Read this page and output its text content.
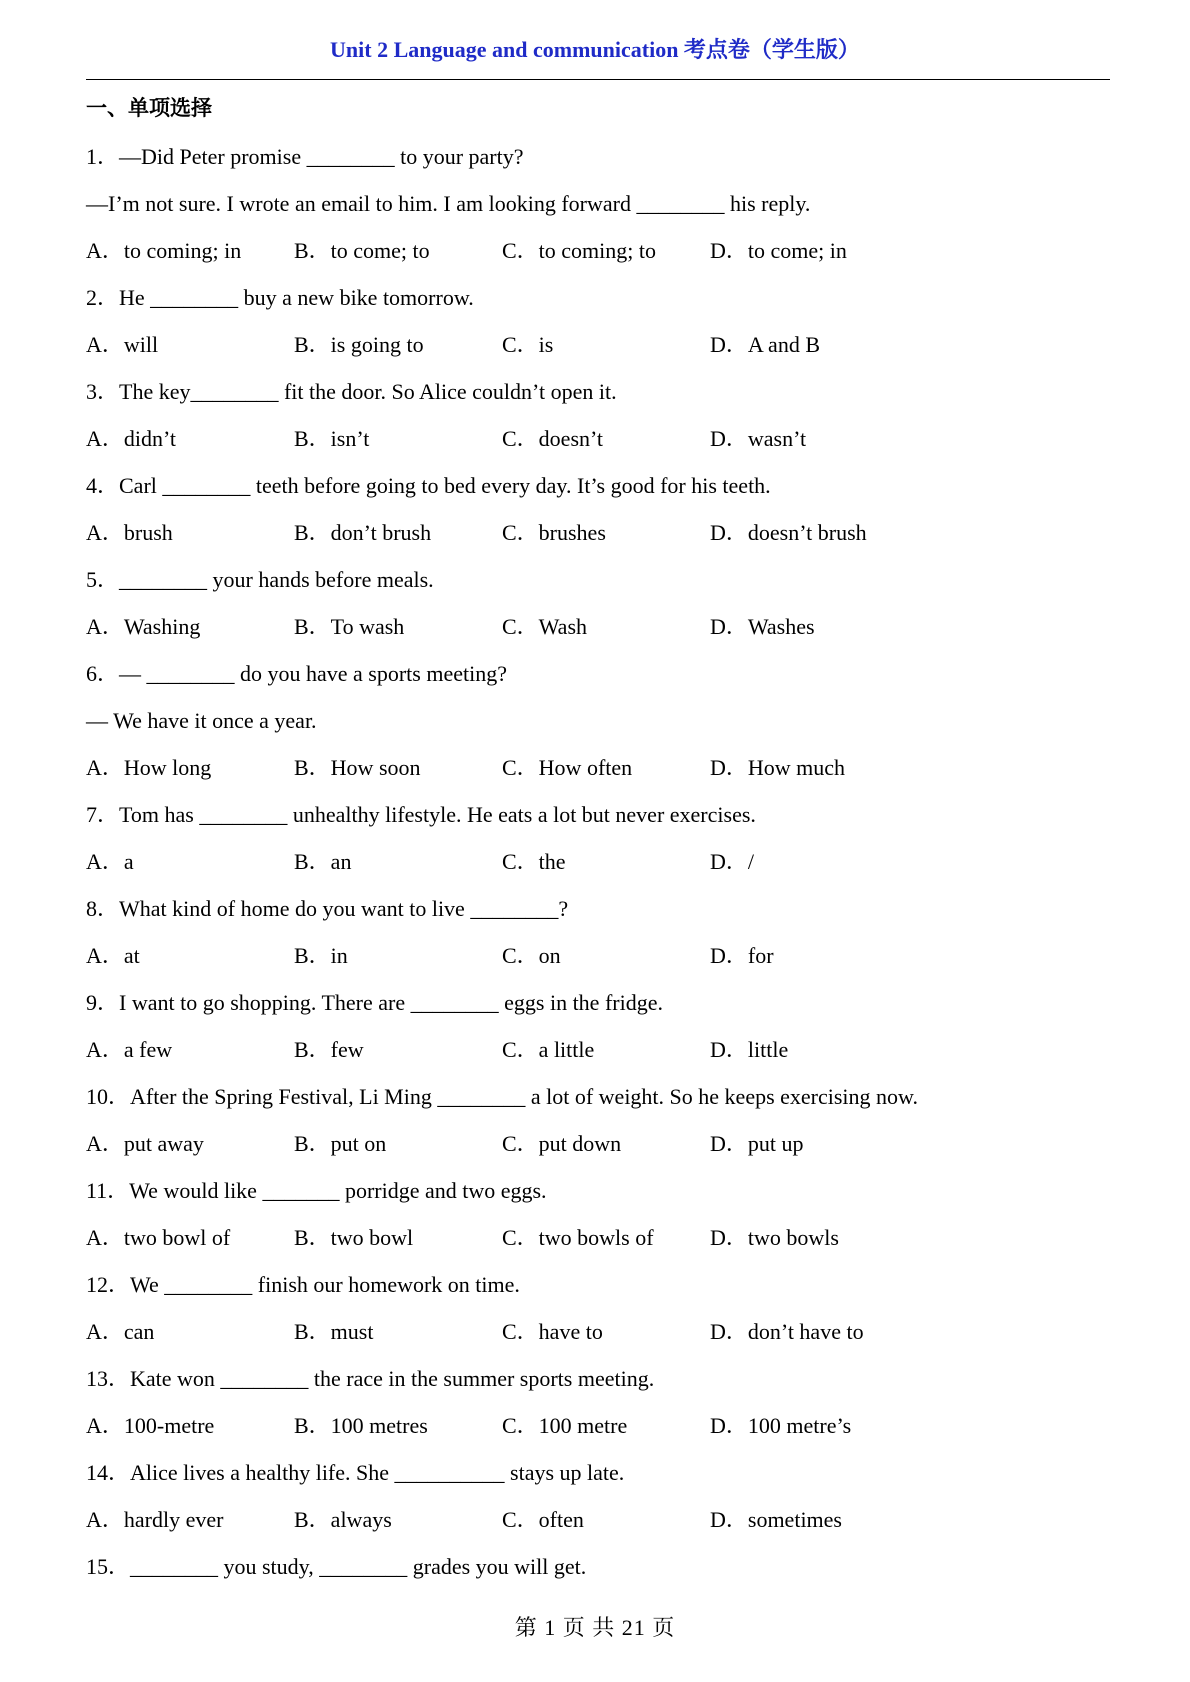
Unit 2 Language and communication 考点卷（学生版）
一、单项选择
1．—Did Peter promise ________ to your party?
—I’m not sure. I wrote an email to him. I am looking forward ________ his reply.
A．to coming; in	B．to come; to	C．to coming; to	D．to come; in
2．He ________ buy a new bike tomorrow.
A．will	B．is going to	C．is	D．A and B
3．The key________ fit the door. So Alice couldn’t open it.
A．didn’t	B．isn’t	C．doesn’t	D．wasn’t
4．Carl ________ teeth before going to bed every day. It’s good for his teeth.
A．brush	B．don’t brush	C．brushes	D．doesn’t brush
5．________ your hands before meals.
A．Washing	B．To wash	C．Wash	D．Washes
6．— ________ do you have a sports meeting?
— We have it once a year.
A．How long	B．How soon	C．How often	D．How much
7．Tom has ________ unhealthy lifestyle. He eats a lot but never exercises.
A．a	B．an	C．the	D．/
8．What kind of home do you want to live ________?
A．at	B．in	C．on	D．for
9．I want to go shopping. There are ________ eggs in the fridge.
A．a few	B．few	C．a little	D．little
10．After the Spring Festival, Li Ming ________ a lot of weight. So he keeps exercising now.
A．put away	B．put on	C．put down	D．put up
11．We would like _______ porridge and two eggs.
A．two bowl of	B．two bowl	C．two bowls of	D．two bowls
12．We ________ finish our homework on time.
A．can	B．must	C．have to	D．don’t have to
13．Kate won ________ the race in the summer sports meeting.
A．100-metre	B．100 metres	C．100 metre	D．100 metre’s
14．Alice lives a healthy life. She __________ stays up late.
A．hardly ever	B．always	C．often	D．sometimes
15．________ you study, ________ grades you will get.
第 1 页 共 21 页
